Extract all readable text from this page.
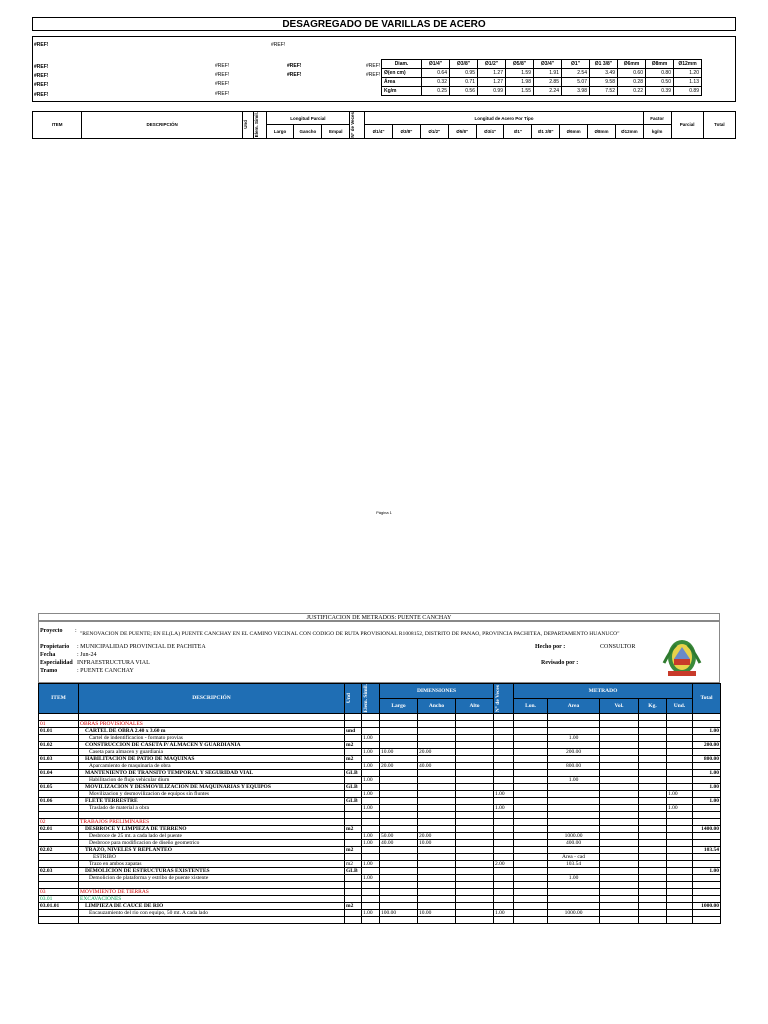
DESAGREGADO DE VARILLAS DE ACERO
#REF!	#REF!
#REF!	#REF!	#REF!	#REF!
#REF!	#REF!	#REF!	#REF!
#REF!	#REF!
#REF!	#REF!
Diam.	Ø1/4"	Ø3/8"	Ø1/2"	Ø5/8"	Ø3/4"	Ø1"	Ø1 3/8"	Ø6mm	Ø8mm	Ø12mm
Ø(en cm)	0.64	0.95	1.27	1.59	1.91	2.54	3.49	0.60	0.80	1.20
Área	0.32	0.71	1.27	1.98	2.85	5.07	9.58	0.28	0.50	1.13
Kg/m	0.25	0.56	0.99	1.55	2.24	3.98	7.52	0.22	0.39	0.89
ITEM	DESCRIPCIÓN	Und	Elem. Simil.	Longitud Parcial			N° de Veces	Longitud de Acero Por Tipo										Factor	Parcial	Total
				Largo	Gancho	Empal		Ø1/4"	Ø3/8"	Ø1/2"	Ø5/8"	Ø3/4"	Ø1"	Ø1 3/8"	Ø6mm	Ø8mm	Ø12mm	kg/m		
Página 1
JUSTIFICACION DE METRADOS: PUENTE CANCHAY
Proyecto : "RENOVACION DE PUENTE; EN EL(LA) PUENTE CANCHAY EN EL CAMINO VECINAL CON CODIGO DE RUTA PROVISIONAL R1008152, DISTRITO DE PANAO, PROVINCIA PACHITEA, DEPARTAMENTO HUANUCO"
Propietario : MUNICIPALIDAD PROVINCIAL DE PACHITEA
Fecha	: Jun-24
Especialidad INFRAESTRUCTURA VIAL
Tramo	: PUENTE CANCHAY
Hecho por :	CONSULTOR
Revisado por :
ITEM	DESCRIPCIÓN	Und	Elem. Simil.	DIMENSIONES			N° de Veces	METRADO					Total
				Largo	Ancho	Alto		Lon.	Area	Vol.	Kg.	Und.	

01	OBRAS PROVISIONALES												
01.01	CARTEL DE OBRA 2.40 x 3.60 m	und											1.00
	Cartel de indentificacion - formato provias		1.00						1.00				
01.02	CONSTRUCCION DE CASETA P/ ALMACEN Y GUARDIANIA	m2											200.00
	Caseta para almacen y guardiania		1.00	10.00	20.00				200.00				
01.03	HABILITACION DE PATIO DE MAQUINAS	m2											800.00
	Aparcamiento de maquinaria de obra		1.00	20.00	40.00				800.00				
01.04	MANTENIENTO DE TRANSITO TEMPORAL Y SEGURIDAD VIAL	GLB											1.00
	Habilitacion de flujo vehicular diurn		1.00						1.00				
01.05	MOVILIZACION Y DESMOVILIZACION DE MAQUINARIAS Y EQUIPOS	GLB											1.00
	Movilizacion y desmovilizacion de equipos sin fluntes		1.00				1.00					1.00	
01.06	FLETE TERRESTRE	GLB											1.00
	Traslado de material a obra		1.00				1.00					1.00	

02	TRABAJOS PRELIMINARES												
02.01	DESBROCE Y LIMPIEZA DE TERRENO	m2											1400.00
	Desbroce de 25 mt. a cada lado del puente		1.00	50.00	20.00				1000.00				
	Desbroce para modificacion de diseño geometrico		1.00	40.00	10.00				400.00				
02.02	TRAZO, NIVELES Y REPLANTEO	m2											103.54
	ESTRIBO								Area - cad				
	Trazo en ambos zapatas	m2	1.00				2.00		103.54				
02.03	DEMOLICION DE ESTRUCTURAS EXISTENTES	GLB											1.00
	Demolicion de plataforma y estribo de puente xistente		1.00						1.00				

03	MOVIMIENTO DE TIERRAS												
03.01	EXCAVACIONES												
03.01.01	LIMPIEZA DE CAUCE DE RIO	m2											1000.00
	Encauzamiento del rio con equipo, 50 mt. A cada lado		1.00	100.00	10.00		1.00		1000.00				
